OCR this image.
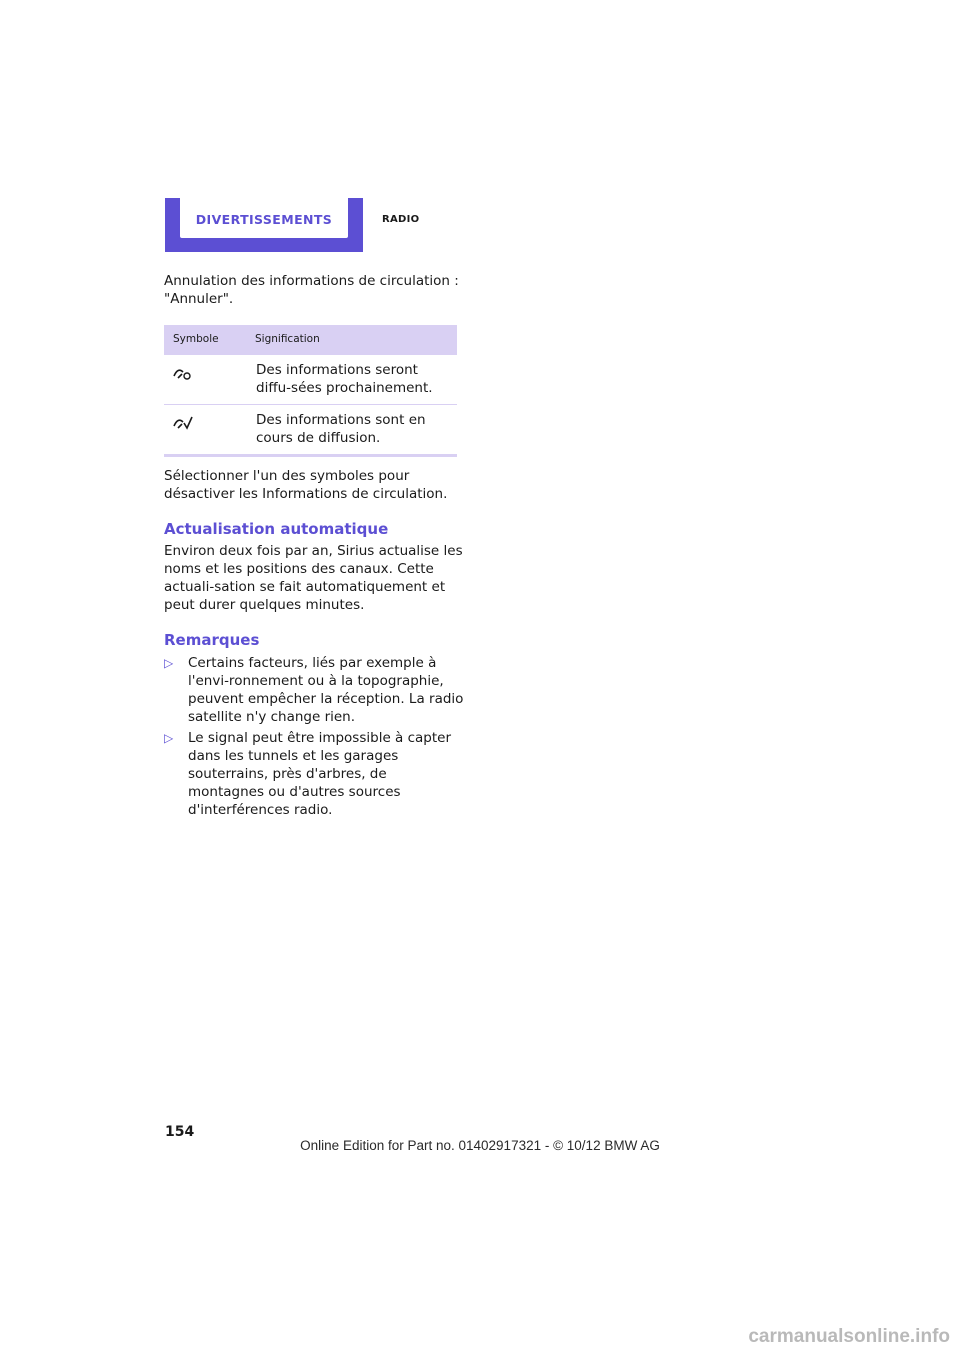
DIVERTISSEMENTS	RADIO
Annulation des informations de circulation :
"Annuler".
Symbole	Signification
Des informations seront diffu-sées prochainement.
Des informations sont en cours de diffusion.
Sélectionner l'un des symboles pour désactiver les Informations de circulation.
Actualisation automatique
Environ deux fois par an, Sirius actualise les noms et les positions des canaux. Cette actuali-sation se fait automatiquement et peut durer quelques minutes.
Remarques
▷ Certains facteurs, liés par exemple à l'envi-ronnement ou à la topographie, peuvent empêcher la réception. La radio satellite n'y change rien.
▷ Le signal peut être impossible à capter dans les tunnels et les garages souterrains, près d'arbres, de montagnes ou d'autres sources d'interférences radio.
154
Online Edition for Part no. 01402917321 - © 10/12 BMW AG
carmanualsonline.info
